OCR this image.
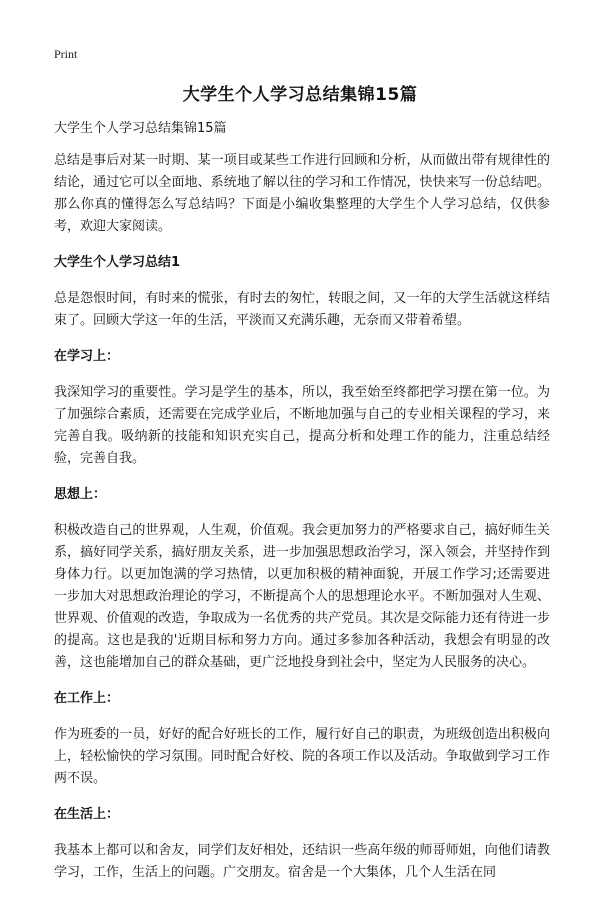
Print
大学生个人学习总结集锦15篇

大学生个人学习总结集锦15篇

总结是事后对某一时期、某一项目或某些工作进行回顾和分析，从而做出带有规律性的结论，通过它可以全面地、系统地了解以往的学习和工作情况，快快来写一份总结吧。那么你真的懂得怎么写总结吗？下面是小编收集整理的大学生个人学习总结，仅供参考，欢迎大家阅读。

大学生个人学习总结1

总是怨恨时间，有时来的慌张，有时去的匆忙，转眼之间，又一年的大学生活就这样结束了。回顾大学这一年的生活，平淡而又充满乐趣，无奈而又带着希望。

在学习上：

我深知学习的重要性。学习是学生的基本，所以，我至始至终都把学习摆在第一位。为了加强综合素质，还需要在完成学业后，不断地加强与自己的专业相关课程的学习，来完善自我。吸纳新的技能和知识充实自己，提高分析和处理工作的能力，注重总结经验，完善自我。

思想上：

积极改造自己的世界观，人生观，价值观。我会更加努力的严格要求自己，搞好师生关系，搞好同学关系，搞好朋友关系，进一步加强思想政治学习，深入领会，并坚持作到身体力行。以更加饱满的学习热情，以更加积极的精神面貌，开展工作学习;还需要进一步加大对思想政治理论的学习，不断提高个人的思想理论水平。不断加强对人生观、世界观、价值观的改造，争取成为一名优秀的共产党员。其次是交际能力还有待进一步的提高。这也是我的'近期目标和努力方向。通过多参加各种活动，我想会有明显的改善，这也能增加自己的群众基础，更广泛地投身到社会中，坚定为人民服务的决心。

在工作上：

作为班委的一员，好好的配合好班长的工作，履行好自己的职责，为班级创造出积极向上，轻松愉快的学习氛围。同时配合好校、院的各项工作以及活动。争取做到学习工作两不误。

在生活上：

我基本上都可以和舍友，同学们友好相处，还结识一些高年级的师哥师姐，向他们请教学习，工作，生活上的问题。广交朋友。宿舍是一个大集体，几个人生活在同
